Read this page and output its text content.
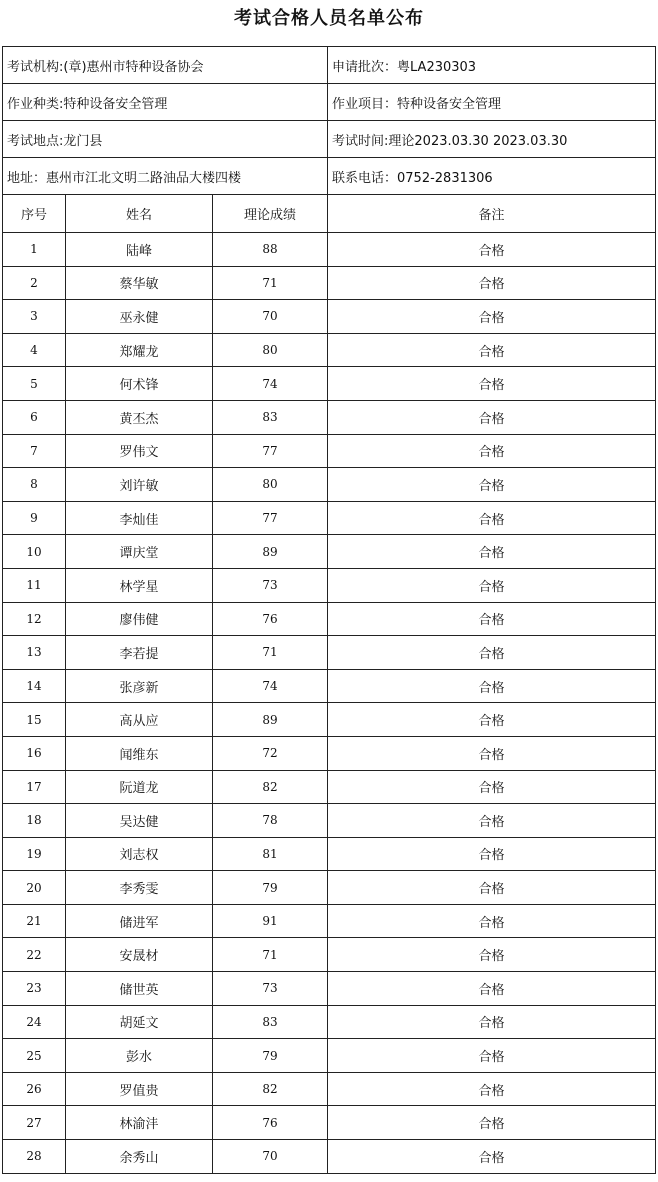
考试合格人员名单公布
考试机构:(章)惠州市特种设备协会			申请批次：粤LA230303
作业种类:特种设备安全管理			作业项目：特种设备安全管理
考试地点:龙门县			考试时间:理论2023.03.30 2023.03.30
地址：惠州市江北文明二路油品大楼四楼			联系电话：0752-2831306
序号	姓名	理论成绩	备注
1	陆峰	88	合格
2	蔡华敏	71	合格
3	巫永健	70	合格
4	郑耀龙	80	合格
5	何术锋	74	合格
6	黄丕杰	83	合格
7	罗伟文	77	合格
8	刘许敏	80	合格
9	李灿佳	77	合格
10	谭庆堂	89	合格
11	林学星	73	合格
12	廖伟健	76	合格
13	李若提	71	合格
14	张彦新	74	合格
15	高从应	89	合格
16	闻维东	72	合格
17	阮道龙	82	合格
18	吴达健	78	合格
19	刘志权	81	合格
20	李秀雯	79	合格
21	储进军	91	合格
22	安晟材	71	合格
23	储世英	73	合格
24	胡延文	83	合格
25	彭水	79	合格
26	罗值贵	82	合格
27	林渝沣	76	合格
28	余秀山	70	合格
